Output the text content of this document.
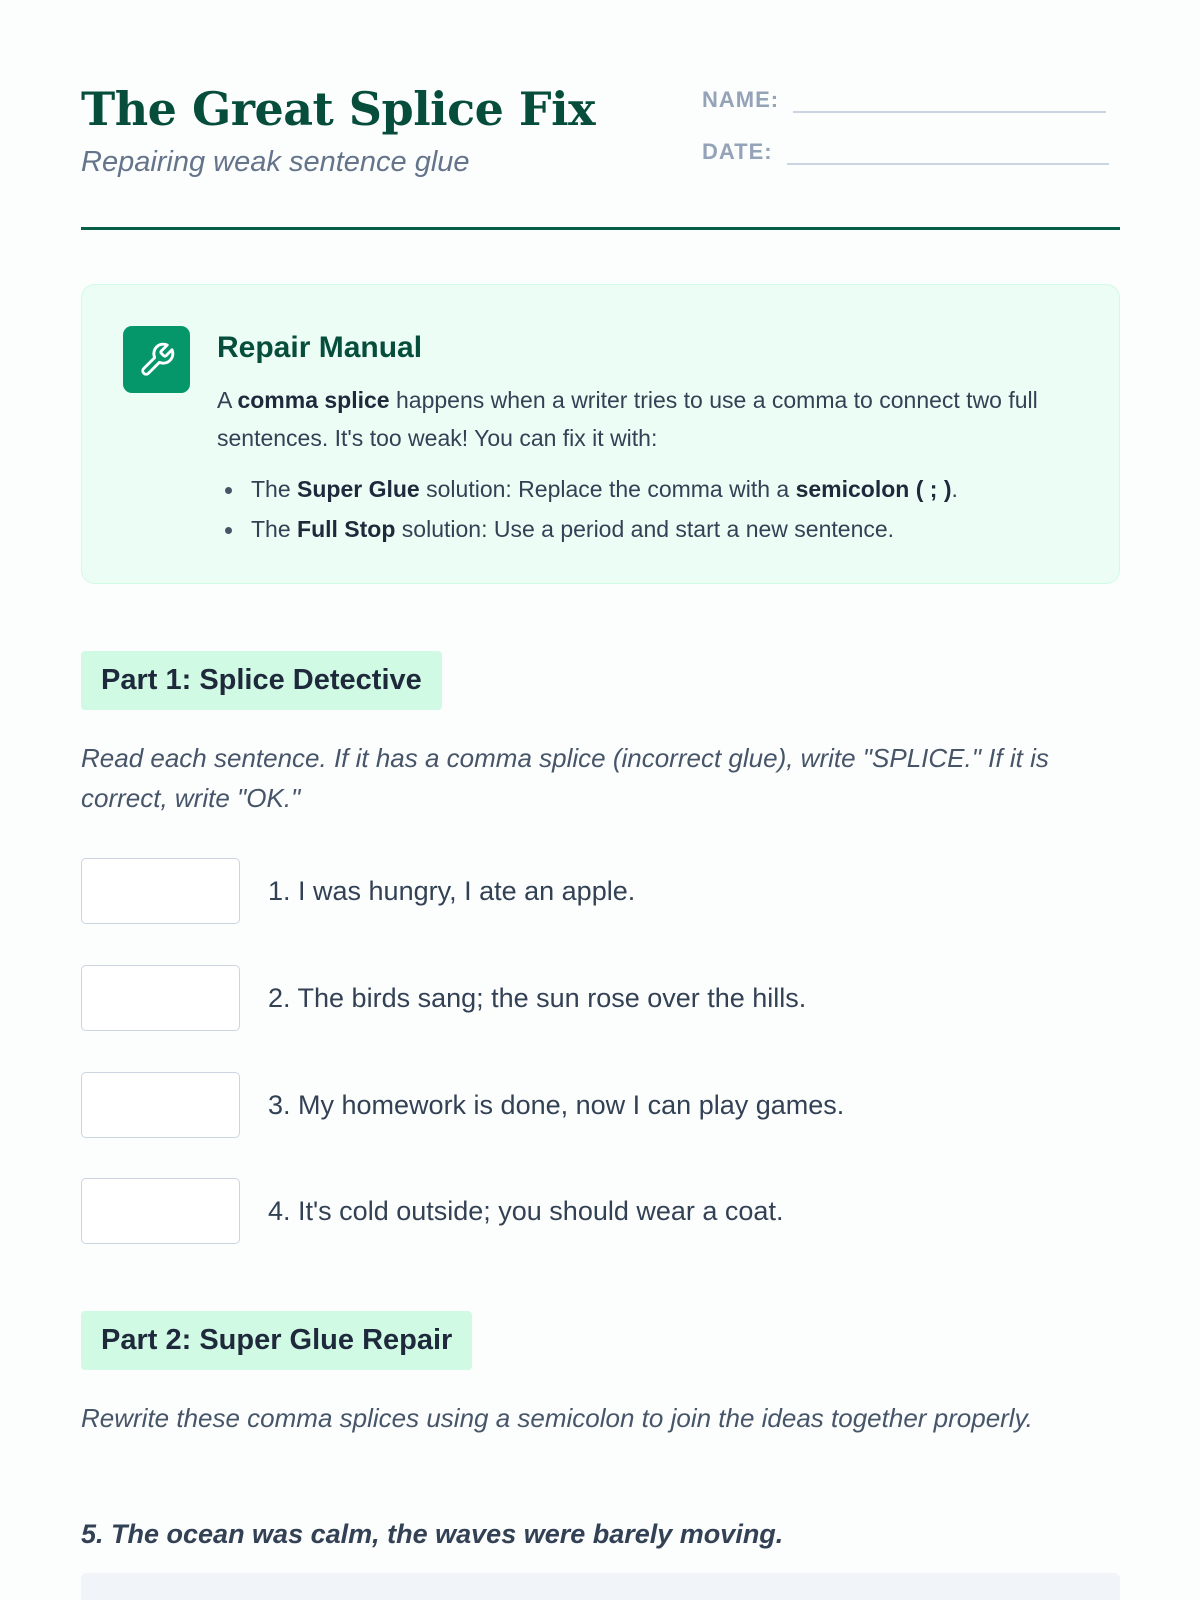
The Great Splice Fix
Repairing weak sentence glue
NAME:
DATE:
Repair Manual
A comma splice happens when a writer tries to use a comma to connect two full sentences. It's too weak! You can fix it with:
The Super Glue solution: Replace the comma with a semicolon ( ; ).
The Full Stop solution: Use a period and start a new sentence.
Part 1: Splice Detective
Read each sentence. If it has a comma splice (incorrect glue), write "SPLICE." If it is correct, write "OK."
1. I was hungry, I ate an apple.
2. The birds sang; the sun rose over the hills.
3. My homework is done, now I can play games.
4. It's cold outside; you should wear a coat.
Part 2: Super Glue Repair
Rewrite these comma splices using a semicolon to join the ideas together properly.
5. The ocean was calm, the waves were barely moving.
